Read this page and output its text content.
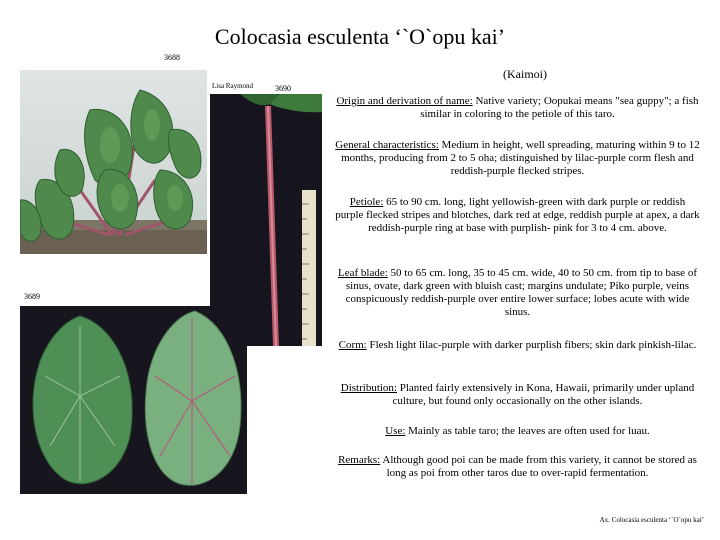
Colocasia esculenta ‘`O`opu kai’
(Kaimoi)
3688
Lisa Raymond	3690
3689
Origin and derivation of name: Native variety; Oopukai means "sea guppy"; a fish similar in coloring to the petiole of this taro.
General characteristics: Medium in height, well spreading, maturing within 9 to 12 months, producing from 2 to 5 oha; distinguished by lilac-purple corm flesh and reddish-purple flecked stripes.
Petiole: 65 to 90 cm. long, light yellowish-green with dark purple or reddish purple flecked stripes and blotches, dark red at edge, reddish purple at apex, a dark reddish-purple ring at base with purplish- pink for 3 to 4 cm. above.
Leaf blade: 50 to 65 cm. long, 35 to 45 cm. wide, 40 to 50 cm. from tip to base of sinus, ovate, dark green with bluish cast; margins undulate; Piko purple, veins conspicuously reddish-purple over entire lower surface; lobes acute with wide sinus.
Corm: Flesh light lilac-purple with darker purplish fibers; skin dark pinkish-lilac.
Distribution: Planted fairly extensively in Kona, Hawaii, primarily under upland culture, but found only occasionally on the other islands.
Use: Mainly as table taro; the leaves are often used for luau.
Remarks: Although good poi can be made from this variety, it cannot be stored as long as poi from other taros due to over-rapid fermentation.
Ax. Colocasia esculenta ‘`O`opu kai’
